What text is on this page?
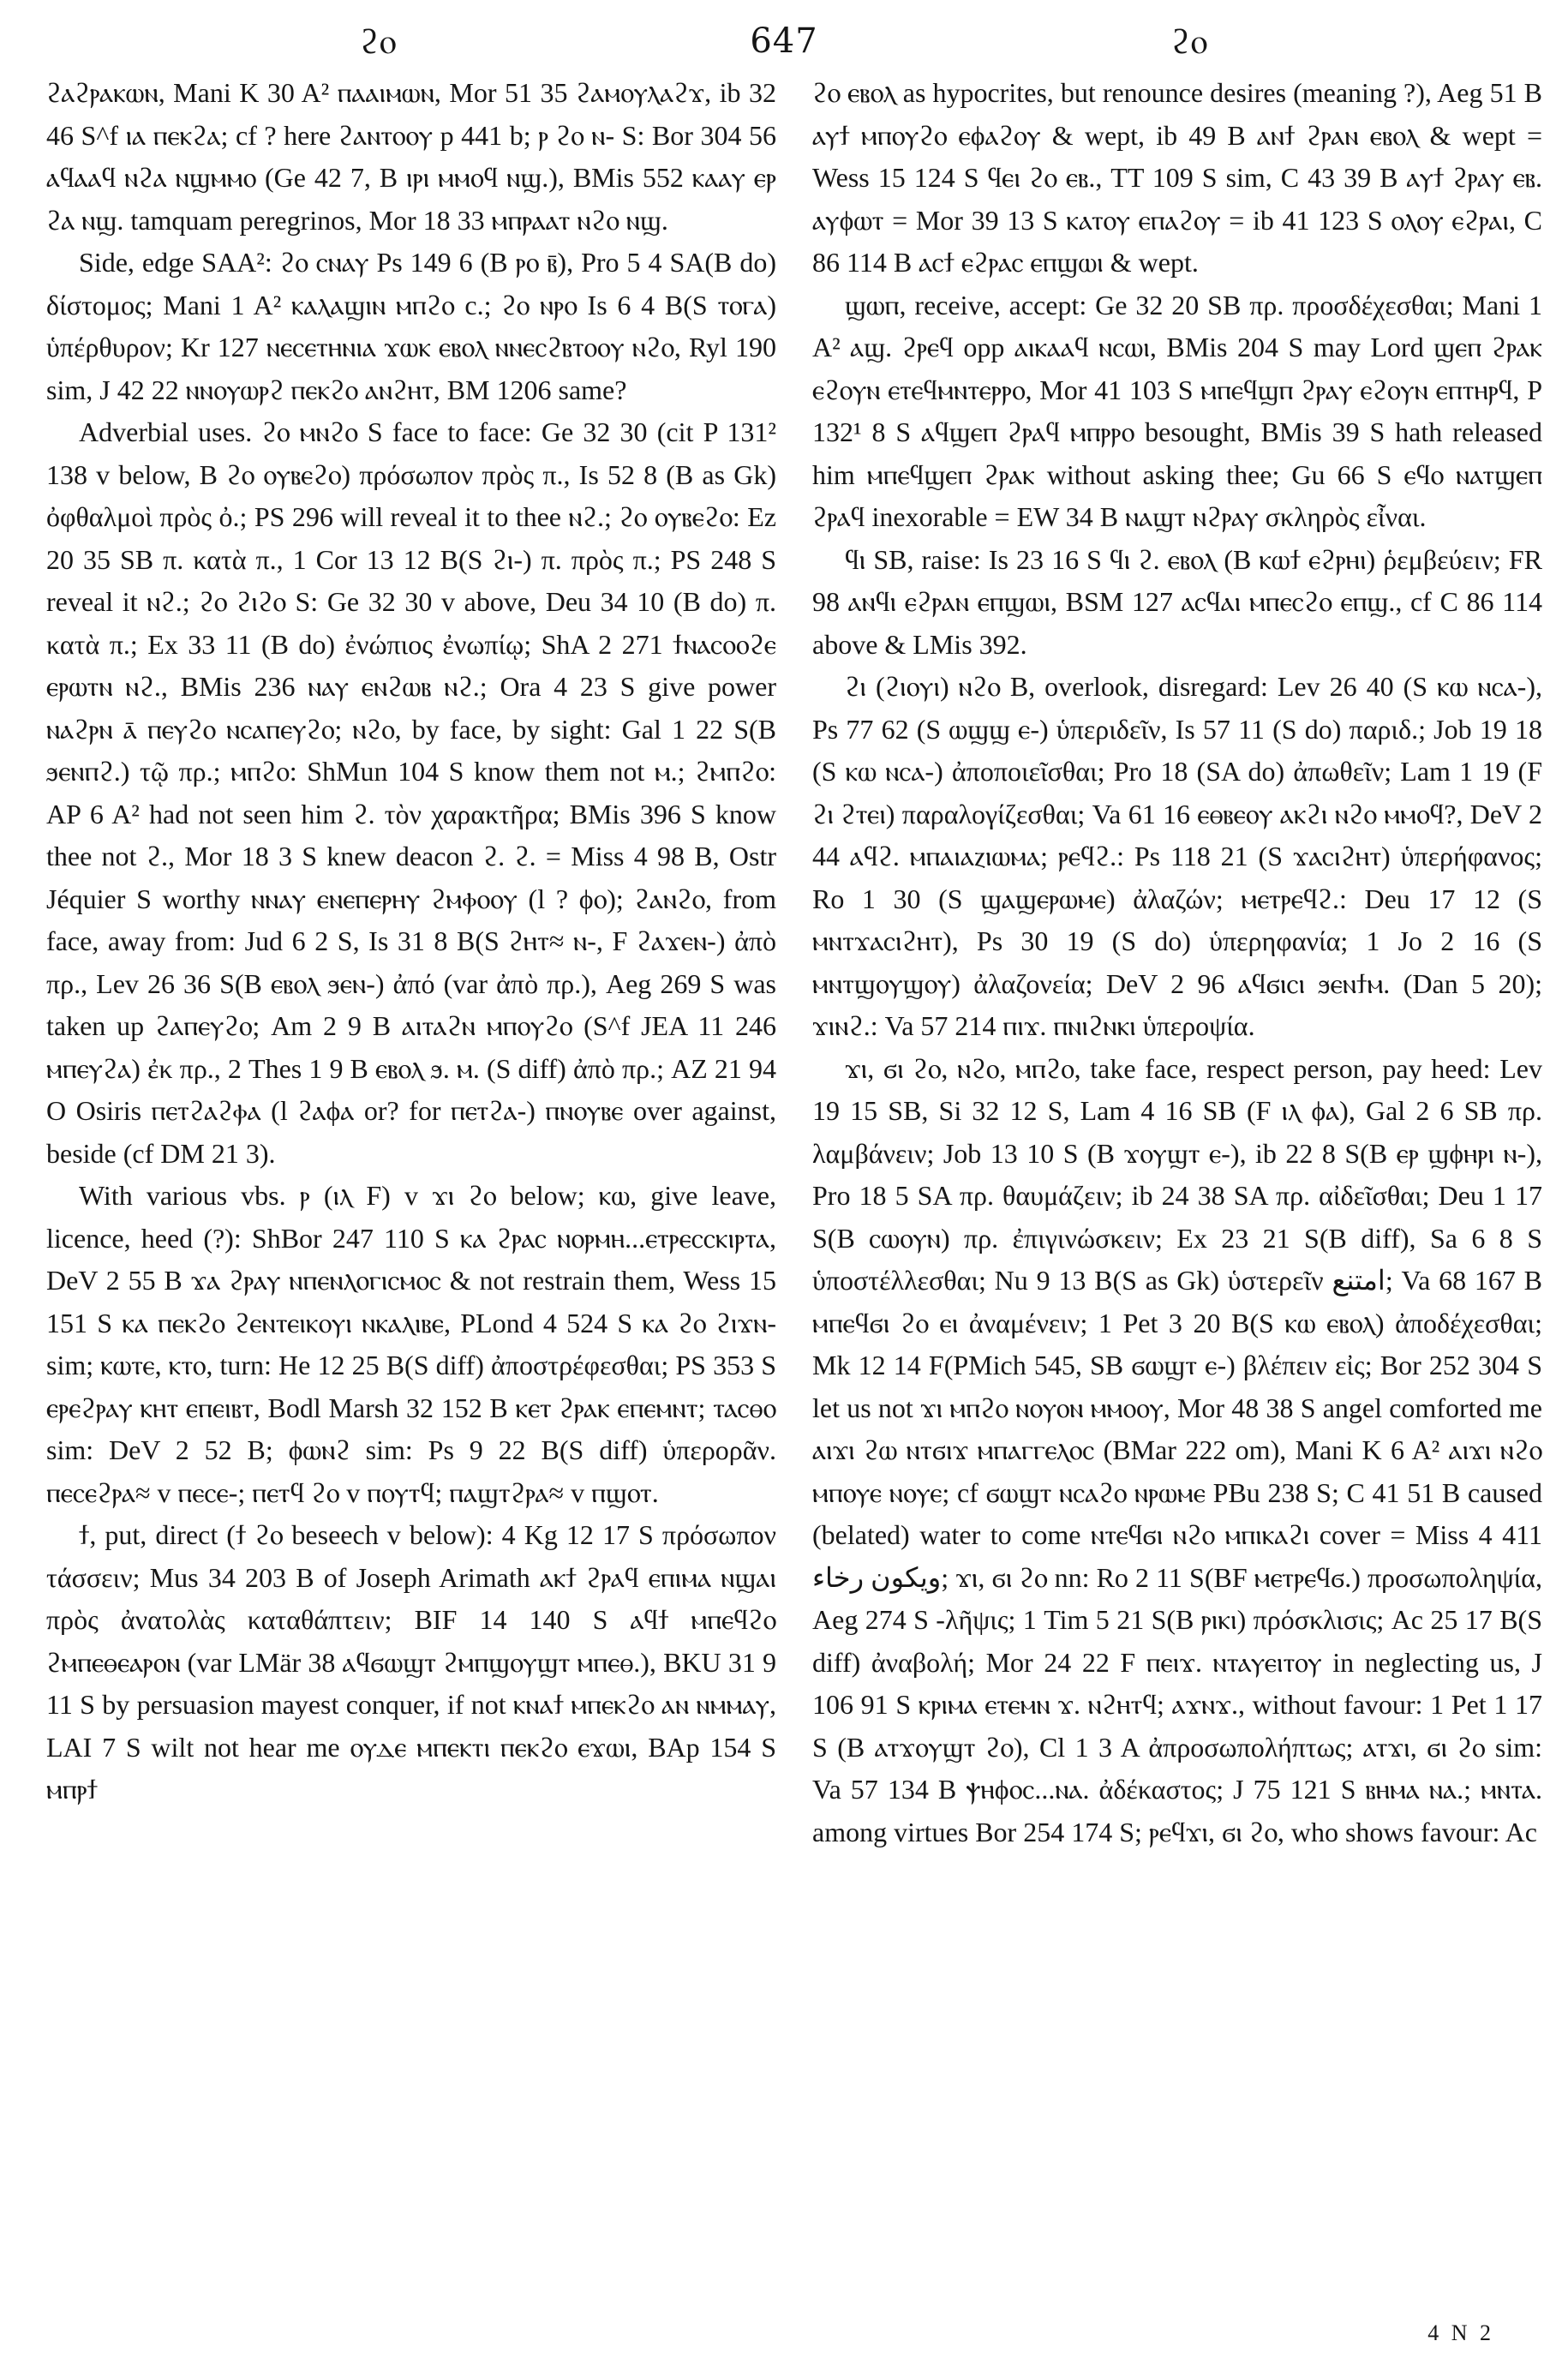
ϩⲟ	647	ϩⲟ

ϩⲁϩⲣⲁⲕⲱⲛ, Mani K 30 A² ⲡⲁⲁⲓⲙⲱⲛ, Mor 51 35 ϩⲁⲙⲟⲩⲗⲁϩϫ, ib 32 46 S^f ⲓⲁ ⲡⲉⲕϩⲁ; cf ? here ϩⲁⲛⲧⲟⲟⲩ p 441 b; ⲣ ϩⲟ ⲛ- S: Bor 304 56 ⲁϥⲁⲁϥ ⲛϩⲁ ⲛϣⲙⲙⲟ (Ge 42 7, B ⲓⲣⲓ ⲙⲙⲟϥ ⲛϣ.), BMis 552 ⲕⲁⲁⲩ ⲉⲣ ϩⲁ ⲛϣ. tamquam peregrinos, Mor 18 33 ⲙⲡⲣⲁⲁⲧ ⲛϩⲟ ⲛϣ.

Side, edge SAA²: ϩⲟ ⲥⲛⲁⲩ Ps 149 6 (B ⲣⲟ ⲃ̄), Pro 5 4 SA(B do) δίστομος; Mani 1 A² ⲕⲁⲗⲁϣⲓⲛ ⲙⲡϩⲟ c.; ϩⲟ ⲛⲣⲟ Is 6 4 B(S ⲧⲟⲅⲁ) ὑπέρθυρον; Kr 127 ⲛⲉⲥⲉⲧⲏⲛⲓⲁ ϫⲱⲕ ⲉⲃⲟⲗ ⲛⲛⲉⲥϩⲃⲧⲟⲟⲩ ⲛϩⲟ, Ryl 190 sim, J 42 22 ⲛⲛⲟⲩⲱⲣϩ ⲡⲉⲕϩⲟ ⲁⲛϩⲏⲧ, BM 1206 same?

Adverbial uses. ϩⲟ ⲙⲛϩⲟ S face to face: Ge 32 30 (cit P 131² 138 v below, B ϩⲟ ⲟⲩⲃⲉϩⲟ) πρόσωπον πρὸς π., Is 52 8 (B as Gk) ὀφθαλμοὶ πρὸς ὀ.; PS 296 will reveal it to thee ⲛϩ.; ϩⲟ ⲟⲩⲃⲉϩⲟ: Ez 20 35 SB π. κατὰ π., 1 Cor 13 12 B(S ϩⲓ-) π. πρὸς π.; PS 248 S reveal it ⲛϩ.; ϩⲟ ϩⲓϩⲟ S: Ge 32 30 v above, Deu 34 10 (B do) π. κατὰ π.; Ex 33 11 (B do) ἐνώπιος ἐνωπίῳ; ShA 2 271 ϯⲛⲁⲥⲟⲟϩⲉ ⲉⲣⲱⲧⲛ ⲛϩ., BMis 236 ⲛⲁⲩ ⲉⲛϩⲱⲃ ⲛϩ.; Ora 4 23 S give power ⲛⲁϩⲣⲛ ⲁ̄ ⲡⲉⲩϩⲟ ⲛⲥⲁⲡⲉⲩϩⲟ; ⲛϩⲟ, by face, by sight: Gal 1 22 S(B ϧⲉⲛⲡϩ.) τῷ πρ.; ⲙⲡϩⲟ: ShMun 104 S know them not ⲙ.; ϩⲙⲡϩⲟ: AP 6 A² had not seen him ϩ. τὸν χαρακτῆρα; BMis 396 S know thee not ϩ., Mor 18 3 S knew deacon ϩ. ϩ. = Miss 4 98 B, Ostr Jéquier S worthy ⲛⲛⲁⲩ ⲉⲛⲉⲡⲉⲣⲏⲩ ϩⲙⲫⲟⲟⲩ (l ? ϕⲟ); ϩⲁⲛϩⲟ, from face, away from: Jud 6 2 S, Is 31 8 B(S ϩⲏⲧ≈ ⲛ-, F ϩⲁϫⲉⲛ-) ἀπὸ πρ., Lev 26 36 S(B ⲉⲃⲟⲗ ϧⲉⲛ-) ἀπό (var ἀπὸ πρ.), Aeg 269 S was taken up ϩⲁⲡⲉⲩϩⲟ; Am 2 9 B ⲁⲓⲧⲁϩⲛ ⲙⲡⲟⲩϩⲟ (S^f JEA 11 246 ⲙⲡⲉⲩϩⲁ) ἐκ πρ., 2 Thes 1 9 B ⲉⲃⲟⲗ ϧ. ⲙ. (S diff) ἀπὸ πρ.; AZ 21 94 O Osiris ⲡⲉⲧϩⲁϩⲫⲁ (l ϩⲁϕⲁ or? for ⲡⲉⲧϩⲁ-) ⲡⲛⲟⲩⲃⲉ over against, beside (cf DM 21 3).

With various vbs. ⲣ (ⲓⲗ F) v ϫⲓ ϩⲟ below; ⲕⲱ, give leave, licence, heed (?): ShBor 247 110 S ⲕⲁ ϩⲣⲁⲥ ⲛⲟⲣⲙⲏ...ⲉⲧⲣⲉⲥⲥⲕⲓⲣⲧⲁ, DeV 2 55 B ϫⲁ ϩⲣⲁⲩ ⲛⲡⲉⲛⲗⲟⲅⲓⲥⲙⲟⲥ & not restrain them, Wess 15 151 S ⲕⲁ ⲡⲉⲕϩⲟ ϩⲉⲛⲧⲉⲓⲕⲟⲩⲓ ⲛⲕⲁⲗⲓⲃⲉ, PLond 4 524 S ⲕⲁ ϩⲟ ϩⲓϫⲛ- sim; ⲕⲱⲧⲉ, ⲕⲧⲟ, turn: He 12 25 B(S diff) ἀποστρέφεσθαι; PS 353 S ⲉⲣⲉϩⲣⲁⲩ ⲕⲏⲧ ⲉⲡⲉⲓⲃⲧ, Bodl Marsh 32 152 B ⲕⲉⲧ ϩⲣⲁⲕ ⲉⲡⲉⲙⲛⲧ; ⲧⲁⲥⲑⲟ sim: DeV 2 52 B; ϕⲱⲛϩ sim: Ps 9 22 B(S diff) ὑπερορᾶν. ⲡⲉⲥⲉϩⲣⲁ≈ v ⲡⲉⲥⲉ-; ⲡⲉⲧϥ ϩⲟ v ⲡⲟⲩⲧϥ; ⲡⲁϣⲧϩⲣⲁ≈ v ⲡϣⲟⲧ.

ϯ, put, direct (ϯ ϩⲟ beseech v below): 4 Kg 12 17 S πρόσωπον τάσσειν; Mus 34 203 B of Joseph Arimath ⲁⲕϯ ϩⲣⲁϥ ⲉⲡⲓⲙⲁ ⲛϣⲁⲓ πρὸς ἀνατολὰς καταθάπτειν; BIF 14 140 S ⲁϥϯ ⲙⲡⲉϥϩⲟ ϩⲙⲡⲉⲑⲉⲁⲣⲟⲛ (var LMär 38 ⲁϥϭⲱϣⲧ ϩⲙⲡϣⲟⲩϣⲧ ⲙⲡⲉⲑ.), BKU 31 9 11 S by persuasion mayest conquer, if not ⲕⲛⲁϯ ⲙⲡⲉⲕϩⲟ ⲁⲛ ⲛⲙⲙⲁⲩ, LAI 7 S wilt not hear me ⲟⲩⲇⲉ ⲙⲡⲉⲕⲧⲓ ⲡⲉⲕϩⲟ ⲉϫⲱⲓ, BAp 154 S ⲙⲡⲣϯ

ϩⲟ ⲉⲃⲟⲗ as hypocrites, but renounce desires (meaning ?), Aeg 51 B ⲁⲩϯ ⲙⲡⲟⲩϩⲟ ⲉϕⲁϩⲟⲩ & wept, ib 49 B ⲁⲛϯ ϩⲣⲁⲛ ⲉⲃⲟⲗ & wept = Wess 15 124 S ϥⲉⲓ ϩⲟ ⲉⲃ., TT 109 S sim, C 43 39 B ⲁⲩϯ ϩⲣⲁⲩ ⲉⲃ. ⲁⲩϕⲱⲧ = Mor 39 13 S ⲕⲁⲧⲟⲩ ⲉⲡⲁϩⲟⲩ = ib 41 123 S ⲟⲗⲟⲩ ⲉϩⲣⲁⲓ, C 86 114 B ⲁⲥϯ ⲉϩⲣⲁⲥ ⲉⲡϣⲱⲓ & wept.

ϣⲱⲡ, receive, accept: Ge 32 20 SB πρ. προσδέχεσθαι; Mani 1 A² ⲁϣ. ϩⲣⲉϥ opp ⲁⲓⲕⲁⲁϥ ⲛⲥⲱⲓ, BMis 204 S may Lord ϣⲉⲡ ϩⲣⲁⲕ ⲉϩⲟⲩⲛ ⲉⲧⲉϥⲙⲛⲧⲉⲣⲣⲟ, Mor 41 103 S ⲙⲡⲉϥϣⲡ ϩⲣⲁⲩ ⲉϩⲟⲩⲛ ⲉⲡⲧⲏⲣϥ, P 132¹ 8 S ⲁϥϣⲉⲡ ϩⲣⲁϥ ⲙⲡⲣⲣⲟ besought, BMis 39 S hath released him ⲙⲡⲉϥϣⲉⲡ ϩⲣⲁⲕ without asking thee; Gu 66 S ⲉϥⲟ ⲛⲁⲧϣⲉⲡ ϩⲣⲁϥ inexorable = EW 34 B ⲛⲁϣⲧ ⲛϩⲣⲁⲩ σκληρὸς εἶναι.

ϥⲓ SB, raise: Is 23 16 S ϥⲓ ϩ. ⲉⲃⲟⲗ (B ⲕⲱϯ ⲉϩⲣⲏⲓ) ῥεμβεύειν; FR 98 ⲁⲛϥⲓ ⲉϩⲣⲁⲛ ⲉⲡϣⲱⲓ, BSM 127 ⲁⲥϥⲁⲓ ⲙⲡⲉⲥϩⲟ ⲉⲡϣ., cf C 86 114 above & LMis 392.

ϩⲓ (ϩⲓⲟⲩⲓ) ⲛϩⲟ B, overlook, disregard: Lev 26 40 (S ⲕⲱ ⲛⲥⲁ-), Ps 77 62 (S ⲱϣϣ ⲉ-) ὑπεριδεῖν, Is 57 11 (S do) παριδ.; Job 19 18 (S ⲕⲱ ⲛⲥⲁ-) ἀποποιεῖσθαι; Pro 18 (SA do) ἀπωθεῖν; Lam 1 19 (F ϩⲓ ϩⲧⲉⲓ) παραλογίζεσθαι; Va 61 16 ⲉⲑⲃⲉⲟⲩ ⲁⲕϩⲓ ⲛϩⲟ ⲙⲙⲟϥ?, DeV 2 44 ⲁϥϩ. ⲙⲡⲁⲓⲁⲍⲓⲱⲙⲁ; ⲣⲉϥϩ.: Ps 118 21 (S ϫⲁⲥⲓϩⲏⲧ) ὑπερήφανος; Ro 1 30 (S ϣⲁϣⲉⲣⲱⲙⲉ) ἀλαζών; ⲙⲉⲧⲣⲉϥϩ.: Deu 17 12 (S ⲙⲛⲧϫⲁⲥⲓϩⲏⲧ), Ps 30 19 (S do) ὑπερηφανία; 1 Jo 2 16 (S ⲙⲛⲧϣⲟⲩϣⲟⲩ) ἀλαζονεία; DeV 2 96 ⲁϥϭⲓⲥⲓ ϧⲉⲛϯⲙ. (Dan 5 20); ϫⲓⲛϩ.: Va 57 214 ⲡⲓϫ. ⲡⲛⲓϩⲛⲕⲓ ὑπεροψία.

ϫⲓ, ϭⲓ ϩⲟ, ⲛϩⲟ, ⲙⲡϩⲟ, take face, respect person, pay heed: Lev 19 15 SB, Si 32 12 S, Lam 4 16 SB (F ⲓⲗ ϕⲁ), Gal 2 6 SB πρ. λαμβάνειν; Job 13 10 S (B ϫⲟⲩϣⲧ ⲉ-), ib 22 8 S(B ⲉⲣ ϣϕⲏⲣⲓ ⲛ-), Pro 18 5 SA πρ. θαυμάζειν; ib 24 38 SA πρ. αἰδεῖσθαι; Deu 1 17 S(B ⲥⲱⲟⲩⲛ) πρ. ἐπιγινώσκειν; Ex 23 21 S(B diff), Sa 6 8 S ὑποστέλλεσθαι; Nu 9 13 B(S as Gk) ὑστερεῖν امتنع; Va 68 167 B ⲙⲡⲉϥϭⲓ ϩⲟ ⲉⲓ ἀναμένειν; 1 Pet 3 20 B(S ⲕⲱ ⲉⲃⲟⲗ) ἀποδέχεσθαι; Mk 12 14 F(PMich 545, SB ϭⲱϣⲧ ⲉ-) βλέπειν εἰς; Bor 252 304 S let us not ϫⲓ ⲙⲡϩⲟ ⲛⲟⲩⲟⲛ ⲙⲙⲟⲟⲩ, Mor 48 38 S angel comforted me ⲁⲓϫⲓ ϩⲱ ⲛⲧϭⲓϫ ⲙⲡⲁⲅⲅⲉⲗⲟⲥ (BMar 222 om), Mani K 6 A² ⲁⲓϫⲓ ⲛϩⲟ ⲙⲡⲟⲩⲉ ⲛⲟⲩⲉ; cf ϭⲱϣⲧ ⲛⲥⲁϩⲟ ⲛⲣⲱⲙⲉ PBu 238 S; C 41 51 B caused (belated) water to come ⲛⲧⲉϥϭⲓ ⲛϩⲟ ⲙⲡⲓⲕⲁϩⲓ cover = Miss 4 411 ويكون رخاء; ϫⲓ, ϭⲓ ϩⲟ nn: Ro 2 11 S(BF ⲙⲉⲧⲣⲉϥϭ.) προσωποληψία, Aeg 274 S -λῆψις; 1 Tim 5 21 S(B ⲣⲓⲕⲓ) πρόσκλισις; Ac 25 17 B(S diff) ἀναβολή; Mor 24 22 F ⲡⲉⲓϫ. ⲛⲧⲁⲩⲉⲓⲧⲟⲩ in neglecting us, J 106 91 S ⲕⲣⲓⲙⲁ ⲉⲧⲉⲙⲛ ϫ. ⲛϩⲏⲧϥ; ⲁϫⲛϫ., without favour: 1 Pet 1 17 S (B ⲁⲧϫⲟⲩϣⲧ ϩⲟ), Cl 1 3 A ἀπροσωπολήπτως; ⲁⲧϫⲓ, ϭⲓ ϩⲟ sim: Va 57 134 B ⲯⲏϕⲟⲥ...ⲛⲁ. ἀδέκαστος; J 75 121 S ⲃⲏⲙⲁ ⲛⲁ.; ⲙⲛⲧⲁ. among virtues Bor 254 174 S; ⲣⲉϥϫⲓ, ϭⲓ ϩⲟ, who shows favour: Ac

4 N 2
